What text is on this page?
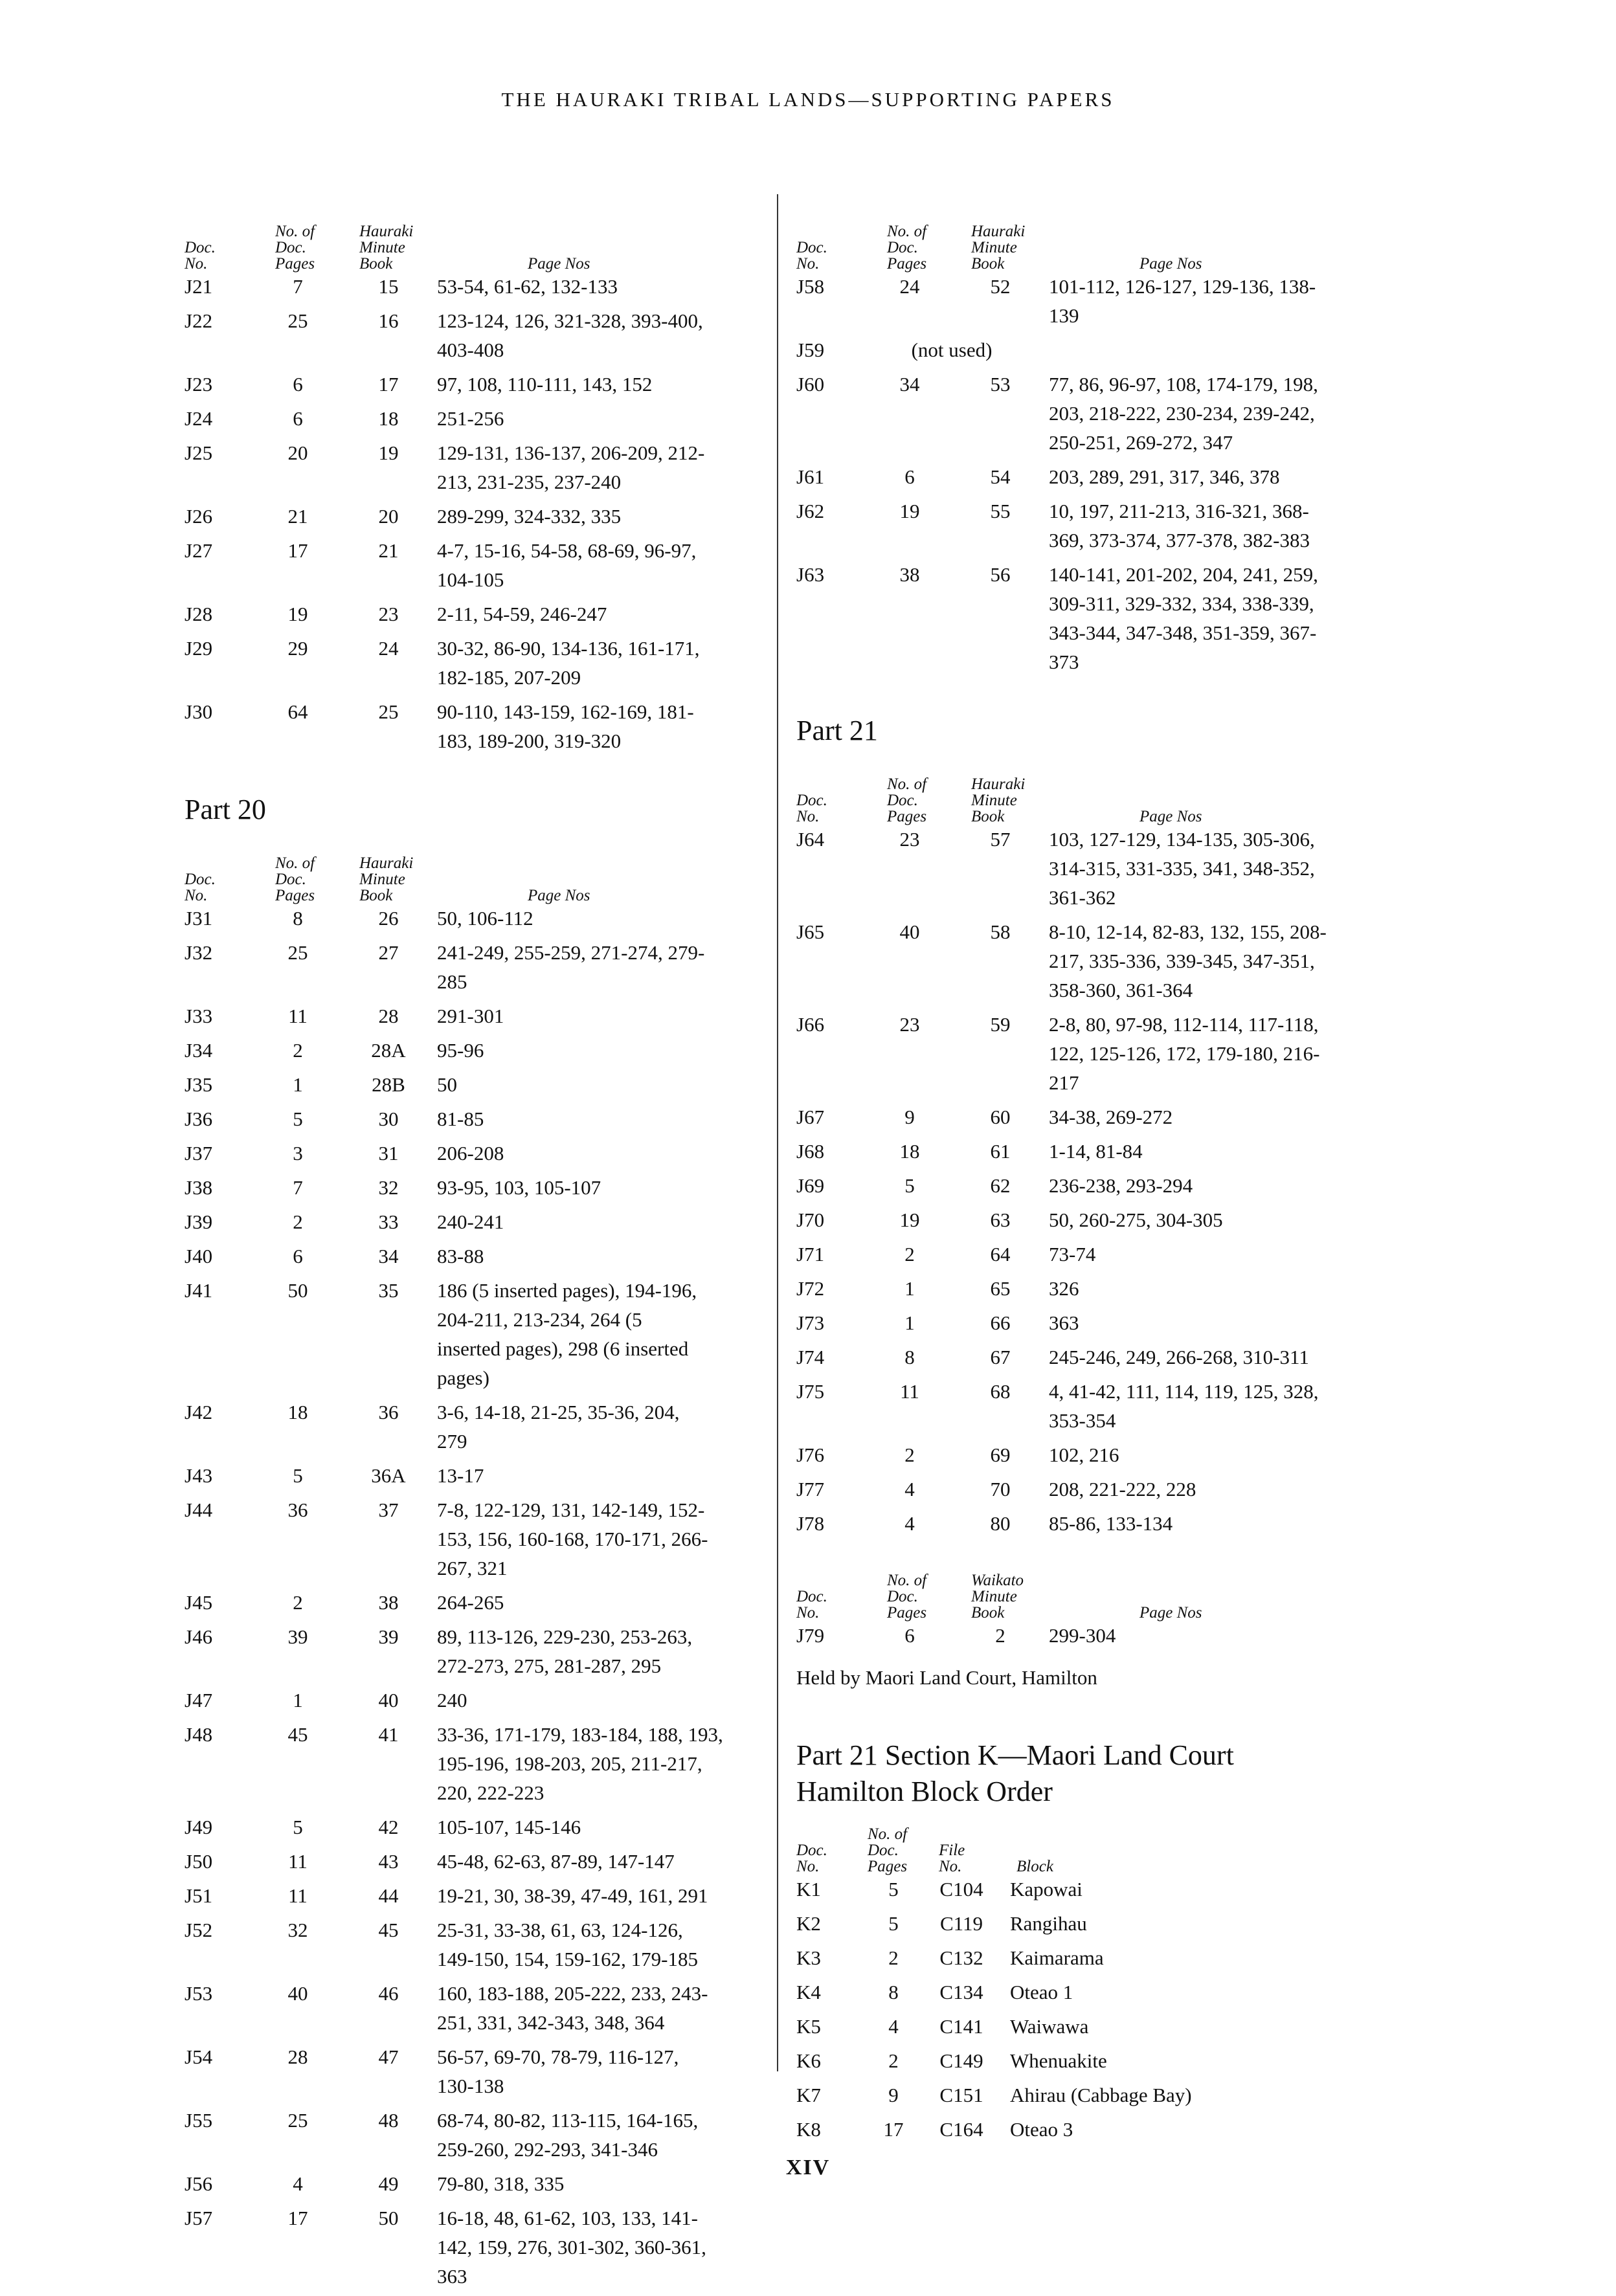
THE HAURAKI TRIBAL LANDS—SUPPORTING PAPERS
Doc.
No.
No. of
Doc.
Pages
Hauraki
Minute
Book	Page Nos
J21	7	15	53-54, 61-62, 132-133
J22	25	16	123-124, 126, 321-328, 393-400,
403-408
J23	6	17	97, 108, 110-111, 143, 152
J24	6	18	251-256
J25	20	19	129-131, 136-137, 206-209, 212-
213, 231-235, 237-240
J26	21	20	289-299, 324-332, 335
J27	17	21	4-7, 15-16, 54-58, 68-69, 96-97,
104-105
J28	19	23	2-11, 54-59, 246-247
J29	29	24	30-32, 86-90, 134-136, 161-171,
182-185, 207-209
J30	64	25	90-110, 143-159, 162-169, 181-
183, 189-200, 319-320
Part 20
Doc.
No.
No. of
Doc.
Pages
Hauraki
Minute
Book	Page Nos
J31	8	26	50, 106-112
J32	25	27	241-249, 255-259, 271-274, 279-
285
J33	11	28	291-301
J34	2	28A	95-96
J35	1	28B	50
J36	5	30	81-85
J37	3	31	206-208
J38	7	32	93-95, 103, 105-107
J39	2	33	240-241
J40	6	34	83-88
J41	50	35	186 (5 inserted pages), 194-196,
204-211, 213-234, 264 (5
inserted pages), 298 (6 inserted
pages)
J42	18	36	3-6, 14-18, 21-25, 35-36, 204,
279
J43	5	36A	13-17
J44	36	37	7-8, 122-129, 131, 142-149, 152-
153, 156, 160-168, 170-171, 266-
267, 321
J45	2	38	264-265
J46	39	39	89, 113-126, 229-230, 253-263,
272-273, 275, 281-287, 295
J47	1	40	240
J48	45	41	33-36, 171-179, 183-184, 188, 193,
195-196, 198-203, 205, 211-217,
220, 222-223
J49	5	42	105-107, 145-146
J50	11	43	45-48, 62-63, 87-89, 147-147
J51	11	44	19-21, 30, 38-39, 47-49, 161, 291
J52	32	45	25-31, 33-38, 61, 63, 124-126,
149-150, 154, 159-162, 179-185
J53	40	46	160, 183-188, 205-222, 233, 243-
251, 331, 342-343, 348, 364
J54	28	47	56-57, 69-70, 78-79, 116-127,
130-138
J55	25	48	68-74, 80-82, 113-115, 164-165,
259-260, 292-293, 341-346
J56	4	49	79-80, 318, 335
J57	17	50	16-18, 48, 61-62, 103, 133, 141-
142, 159, 276, 301-302, 360-361,
363
Doc.
No.
No. of
Doc.
Pages
Hauraki
Minute
Book	Page Nos
J58	24	52	101-112, 126-127, 129-136, 138-
139
J59	(not used)
J60	34	53	77, 86, 96-97, 108, 174-179, 198,
203, 218-222, 230-234, 239-242,
250-251, 269-272, 347
J61	6	54	203, 289, 291, 317, 346, 378
J62	19	55	10, 197, 211-213, 316-321, 368-
369, 373-374, 377-378, 382-383
J63	38	56	140-141, 201-202, 204, 241, 259,
309-311, 329-332, 334, 338-339,
343-344, 347-348, 351-359, 367-
373
Part 21
Doc.
No.
No. of
Doc.
Pages
Hauraki
Minute
Book	Page Nos
J64	23	57	103, 127-129, 134-135, 305-306,
314-315, 331-335, 341, 348-352,
361-362
J65	40	58	8-10, 12-14, 82-83, 132, 155, 208-
217, 335-336, 339-345, 347-351,
358-360, 361-364
J66	23	59	2-8, 80, 97-98, 112-114, 117-118,
122, 125-126, 172, 179-180, 216-
217
J67	9	60	34-38, 269-272
J68	18	61	1-14, 81-84
J69	5	62	236-238, 293-294
J70	19	63	50, 260-275, 304-305
J71	2	64	73-74
J72	1	65	326
J73	1	66	363
J74	8	67	245-246, 249, 266-268, 310-311
J75	11	68	4, 41-42, 111, 114, 119, 125, 328,
353-354
J76	2	69	102, 216
J77	4	70	208, 221-222, 228
J78	4	80	85-86, 133-134
Doc.
No.
No. of
Doc.
Pages
Waikato
Minute
Book	Page Nos
J79	6	2	299-304
Held by Maori Land Court, Hamilton
Part 21 Section K—Maori Land Court
Hamilton Block Order
Doc.
No.
No. of
Doc.
Pages
File
No.	Block
K1	5	C104	Kapowai
K2	5	C119	Rangihau
K3	2	C132	Kaimarama
K4	8	C134	Oteao 1
K5	4	C141	Waiwawa
K6	2	C149	Whenuakite
K7	9	C151	Ahirau (Cabbage Bay)
K8	17	C164	Oteao 3
XIV
